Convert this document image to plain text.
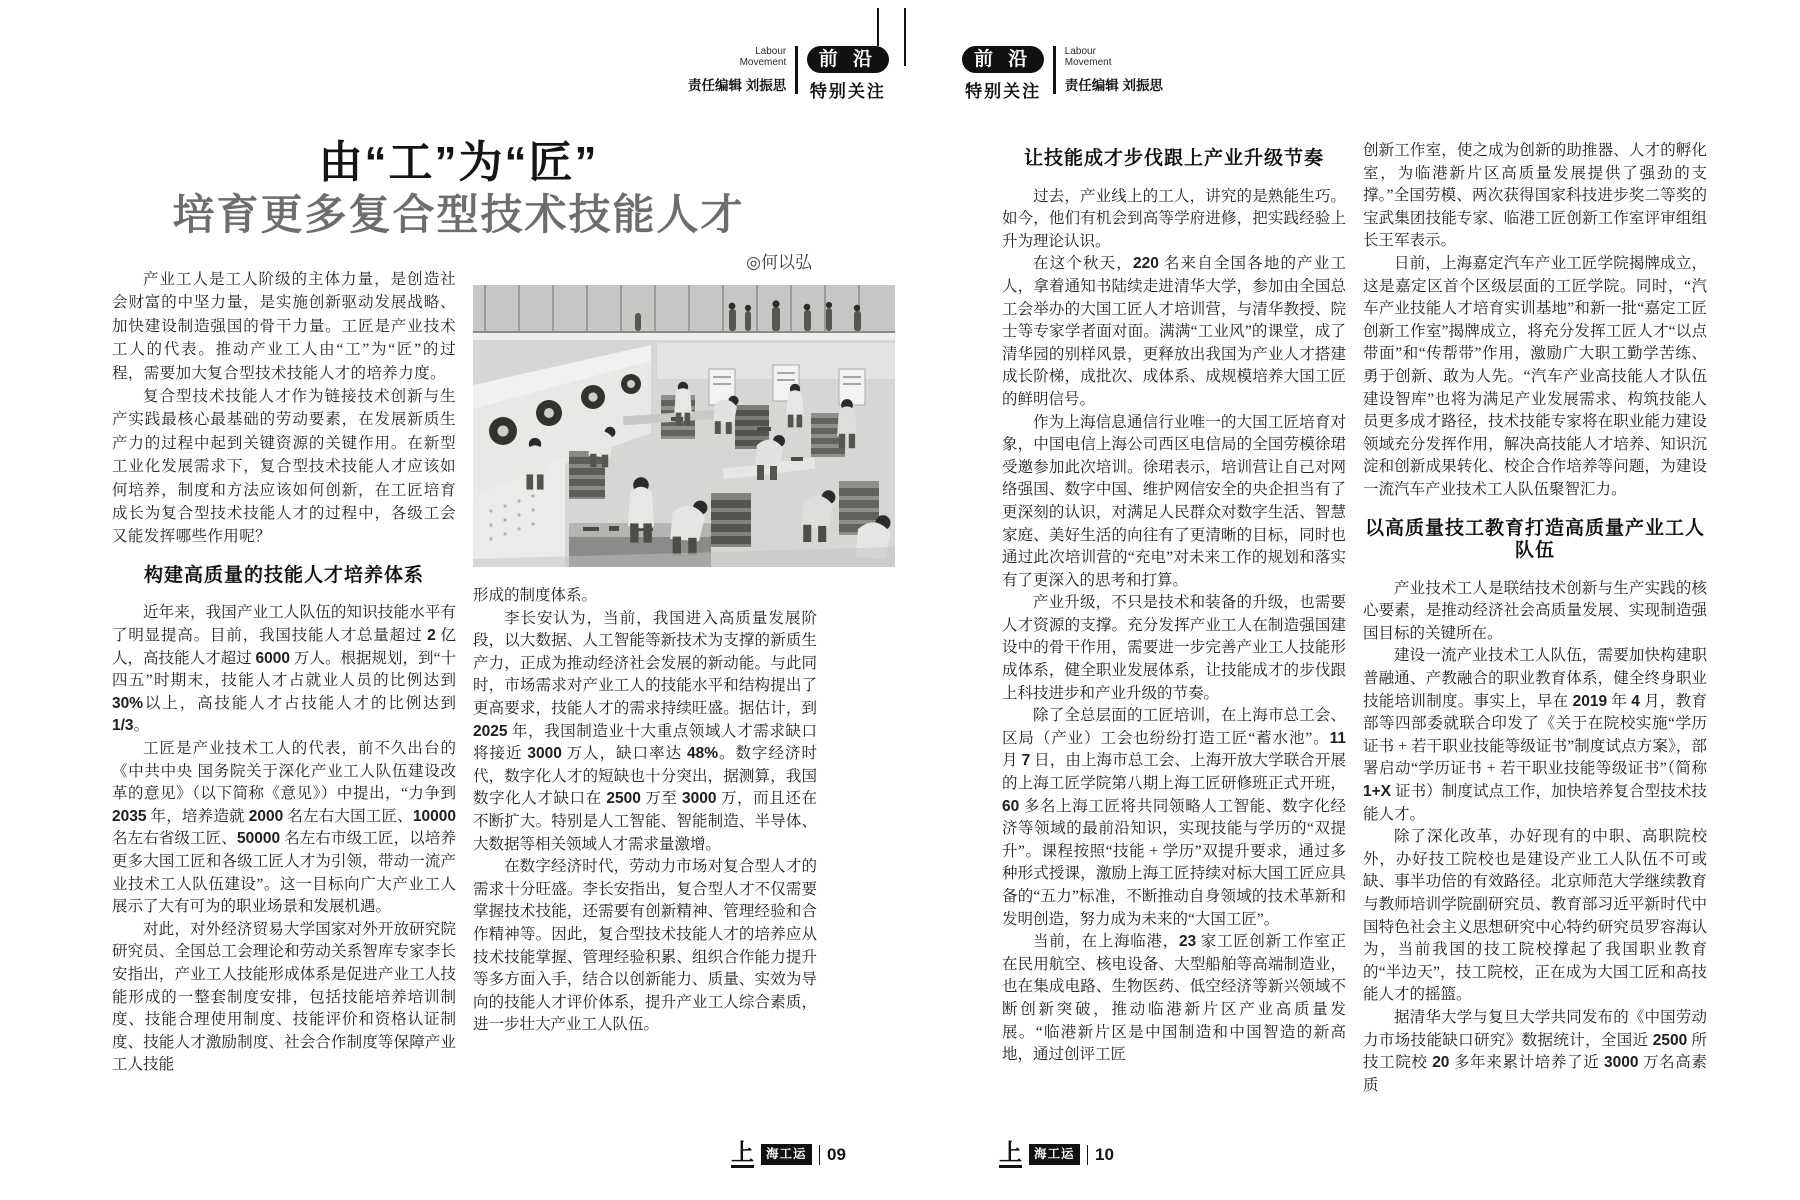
Labour
Movement
责任编辑 刘振思
前 沿
特别关注
前 沿
特别关注
Labour
Movement
责任编辑 刘振思
由“工”为“匠”
培育更多复合型技术技能人才
◎何以弘

产业工人是工人阶级的主体力量，是创造社会财富的中坚力量，是实施创新驱动发展战略、加快建设制造强国的骨干力量。工匠是产业技术工人的代表。推动产业工人由“工”为“匠”的过程，需要加大复合型技术技能人才的培养力度。

复合型技术技能人才作为链接技术创新与生产实践最核心最基础的劳动要素，在发展新质生产力的过程中起到关键资源的关键作用。在新型工业化发展需求下，复合型技术技能人才应该如何培养，制度和方法应该如何创新，在工匠培育成长为复合型技术技能人才的过程中，各级工会又能发挥哪些作用呢？

构建高质量的技能人才培养体系

近年来，我国产业工人队伍的知识技能水平有了明显提高。目前，我国技能人才总量超过 2 亿人，高技能人才超过 6000 万人。根据规划，到“十四五”时期末，技能人才占就业人员的比例达到 30%以上，高技能人才占技能人才的比例达到 1/3。

工匠是产业技术工人的代表，前不久出台的《中共中央 国务院关于深化产业工人队伍建设改革的意见》（以下简称《意见》）中提出，“力争到 2035 年，培养造就 2000 名左右大国工匠、10000 名左右省级工匠、50000 名左右市级工匠，以培养更多大国工匠和各级工匠人才为引领，带动一流产业技术工人队伍建设”。这一目标向广大产业工人展示了大有可为的职业场景和发展机遇。

对此，对外经济贸易大学国家对外开放研究院研究员、全国总工会理论和劳动关系智库专家李长安指出，产业工人技能形成体系是促进产业工人技能形成的一整套制度安排，包括技能培养培训制度、技能合理使用制度、技能评价和资格认证制度、技能人才激励制度、社会合作制度等保障产业工人技能

形成的制度体系。

李长安认为，当前，我国进入高质量发展阶段，以大数据、人工智能等新技术为支撑的新质生产力，正成为推动经济社会发展的新动能。与此同时，市场需求对产业工人的技能水平和结构提出了更高要求，技能人才的需求持续旺盛。据估计，到 2025 年，我国制造业十大重点领域人才需求缺口将接近 3000 万人，缺口率达 48%。数字经济时代，数字化人才的短缺也十分突出，据测算，我国数字化人才缺口在 2500 万至 3000 万，而且还在不断扩大。特别是人工智能、智能制造、半导体、大数据等相关领域人才需求量激增。

在数字经济时代，劳动力市场对复合型人才的需求十分旺盛。李长安指出，复合型人才不仅需要掌握技术技能，还需要有创新精神、管理经验和合作精神等。因此，复合型技术技能人才的培养应从技术技能掌握、管理经验积累、组织合作能力提升等多方面入手，结合以创新能力、质量、实效为导向的技能人才评价体系，提升产业工人综合素质，进一步壮大产业工人队伍。

让技能成才步伐跟上产业升级节奏

过去，产业线上的工人，讲究的是熟能生巧。如今，他们有机会到高等学府进修，把实践经验上升为理论认识。

在这个秋天，220 名来自全国各地的产业工人，拿着通知书陆续走进清华大学，参加由全国总工会举办的大国工匠人才培训营，与清华教授、院士等专家学者面对面。满满“工业风”的课堂，成了清华园的别样风景，更释放出我国为产业人才搭建成长阶梯，成批次、成体系、成规模培养大国工匠的鲜明信号。

作为上海信息通信行业唯一的大国工匠培育对象，中国电信上海公司西区电信局的全国劳模徐珺受邀参加此次培训。徐珺表示，培训营让自己对网络强国、数字中国、维护网信安全的央企担当有了更深刻的认识，对满足人民群众对数字生活、智慧家庭、美好生活的向往有了更清晰的目标，同时也通过此次培训营的“充电”对未来工作的规划和落实有了更深入的思考和打算。

产业升级，不只是技术和装备的升级，也需要人才资源的支撑。充分发挥产业工人在制造强国建设中的骨干作用，需要进一步完善产业工人技能形成体系，健全职业发展体系，让技能成才的步伐跟上科技进步和产业升级的节奏。

除了全总层面的工匠培训，在上海市总工会、区局（产业）工会也纷纷打造工匠“蓄水池”。11 月 7 日，由上海市总工会、上海开放大学联合开展的上海工匠学院第八期上海工匠研修班正式开班，60 多名上海工匠将共同领略人工智能、数字化经济等领域的最前沿知识，实现技能与学历的“双提升”。课程按照“技能 + 学历”双提升要求，通过多种形式授课，激励上海工匠持续对标大国工匠应具备的“五力”标准，不断推动自身领域的技术革新和发明创造，努力成为未来的“大国工匠”。

当前，在上海临港，23 家工匠创新工作室正在民用航空、核电设备、大型船舶等高端制造业，也在集成电路、生物医药、低空经济等新兴领域不断创新突破，推动临港新片区产业高质量发展。“临港新片区是中国制造和中国智造的新高地，通过创评工匠

创新工作室，使之成为创新的助推器、人才的孵化室，为临港新片区高质量发展提供了强劲的支撑。”全国劳模、两次获得国家科技进步奖二等奖的宝武集团技能专家、临港工匠创新工作室评审组组长王军表示。

日前，上海嘉定汽车产业工匠学院揭牌成立，这是嘉定区首个区级层面的工匠学院。同时，“汽车产业技能人才培育实训基地”和新一批“嘉定工匠创新工作室”揭牌成立，将充分发挥工匠人才“以点带面”和“传帮带”作用，激励广大职工勤学苦练、勇于创新、敢为人先。“汽车产业高技能人才队伍建设智库”也将为满足产业发展需求、构筑技能人员更多成才路径，技术技能专家将在职业能力建设领域充分发挥作用，解决高技能人才培养、知识沉淀和创新成果转化、校企合作培养等问题，为建设一流汽车产业技术工人队伍聚智汇力。

以高质量技工教育打造高质量产业工人队伍

产业技术工人是联结技术创新与生产实践的核心要素，是推动经济社会高质量发展、实现制造强国目标的关键所在。

建设一流产业技术工人队伍，需要加快构建职普融通、产教融合的职业教育体系，健全终身职业技能培训制度。事实上，早在 2019 年 4 月，教育部等四部委就联合印发了《关于在院校实施“学历证书 + 若干职业技能等级证书”制度试点方案》，部署启动“学历证书 + 若干职业技能等级证书”（简称 1+X 证书）制度试点工作，加快培养复合型技术技能人才。

除了深化改革，办好现有的中职、高职院校外，办好技工院校也是建设产业工人队伍不可或缺、事半功倍的有效路径。北京师范大学继续教育与教师培训学院副研究员、教育部习近平新时代中国特色社会主义思想研究中心特约研究员罗容海认为，当前我国的技工院校撑起了我国职业教育的“半边天”，技工院校，正在成为大国工匠和高技能人才的摇篮。

据清华大学与复旦大学共同发布的《中国劳动力市场技能缺口研究》数据统计，全国近 2500 所技工院校 20 多年来累计培养了近 3000 万名高素质

上 海工运 09	上 海工运 10
